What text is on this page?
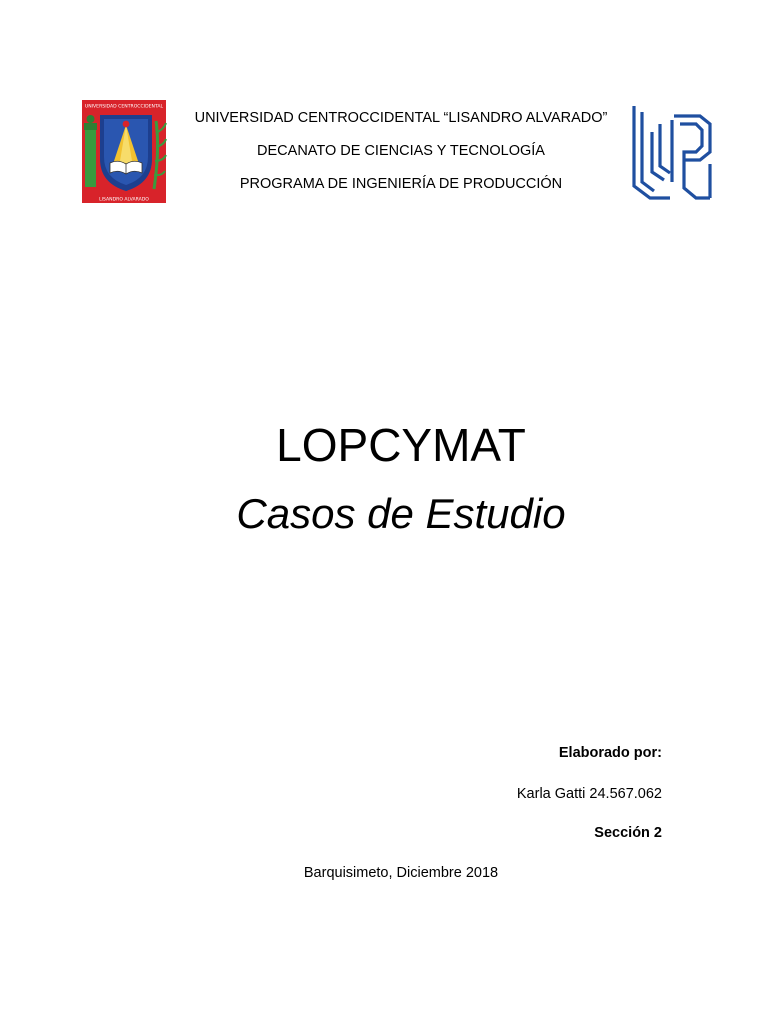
UNIVERSIDAD CENTROCCIDENTAL
LISANDRO ALVARADO
UNIVERSIDAD CENTROCCIDENTAL “LISANDRO ALVARADO”
DECANATO DE CIENCIAS Y TECNOLOGÍA
PROGRAMA DE INGENIERÍA DE PRODUCCIÓN
LOPCYMAT
Casos de Estudio
Elaborado por:
Karla Gatti 24.567.062
Sección 2
Barquisimeto, Diciembre 2018
